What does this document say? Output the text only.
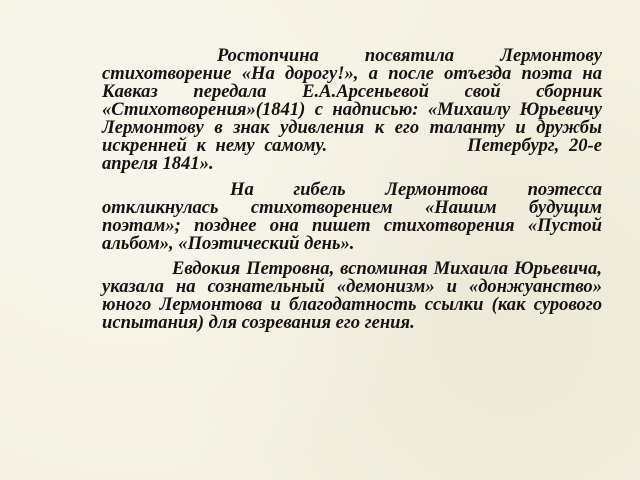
Ростопчина посвятила Лермонтову стихотворение «На дорогу!», а после отъезда поэта на Кавказ передала Е.А.Арсеньевой свой сборник «Стихотворения»(1841) с надписью: «Михаилу Юрьевичу Лермонтову в знак удивления к его таланту и дружбы искренней к нему самому.	Петербург, 20-е апреля 1841».

На гибель Лермонтова поэтесса откликнулась стихотворением «Нашим будущим поэтам»; позднее она пишет стихотворения «Пустой альбом», «Поэтический день».

Евдокия Петровна, вспоминая Михаила Юрьевича, указала на сознательный «демонизм» и «донжуанство» юного Лермонтова и благодатность ссылки (как сурового испытания) для созревания его гения.
